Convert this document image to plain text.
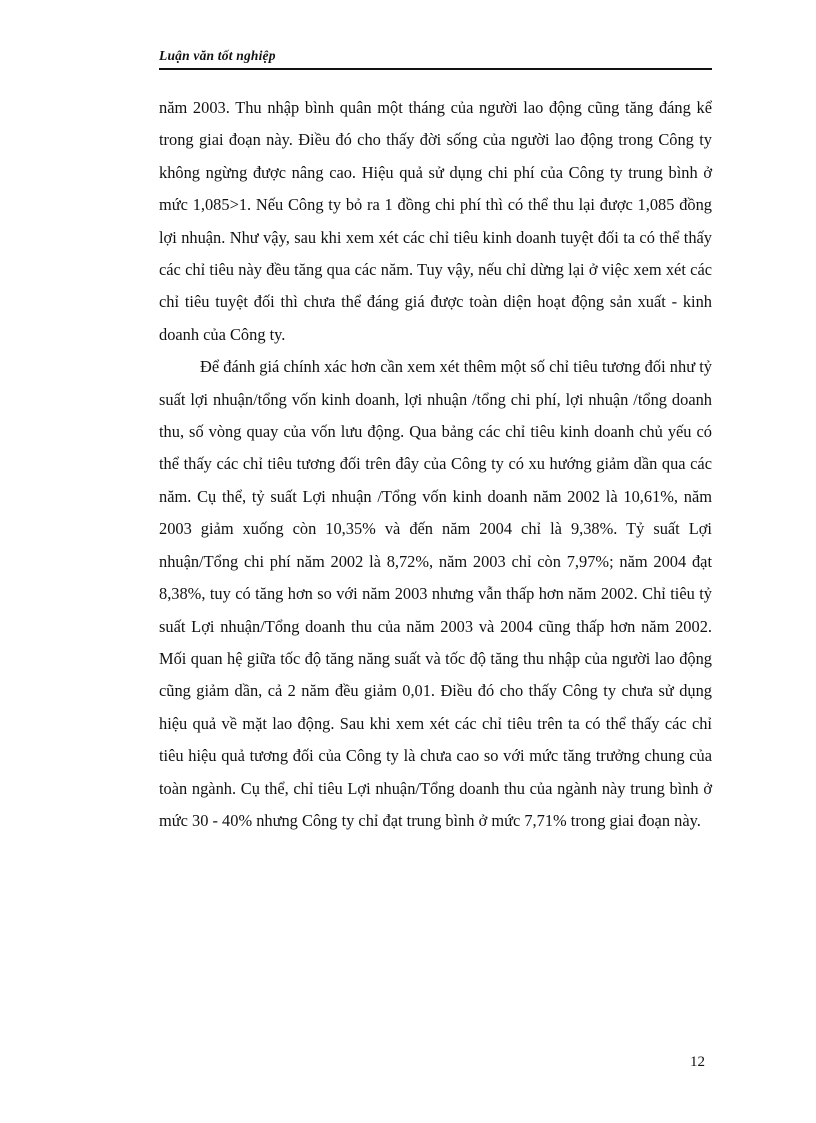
Luận văn tốt nghiệp

năm 2003. Thu nhập bình quân một tháng của người lao động cũng tăng đáng kể trong giai đoạn này. Điều đó cho thấy đời sống của người lao động trong Công ty không ngừng được nâng cao. Hiệu quả sử dụng chi phí của Công ty trung bình ở mức 1,085>1. Nếu Công ty bỏ ra 1 đồng chi phí thì có thể thu lại được 1,085 đồng lợi nhuận. Như vậy, sau khi xem xét các chỉ tiêu kinh doanh tuyệt đối ta có thể thấy các chỉ tiêu này đều tăng qua các năm. Tuy vậy, nếu chỉ dừng lại ở việc xem xét các chỉ tiêu tuyệt đối thì chưa thể đáng giá được toàn diện hoạt động sản xuất - kinh doanh của Công ty.

Để đánh giá chính xác hơn cần xem xét thêm một số chỉ tiêu tương đối như tỷ suất lợi nhuận/tổng vốn kinh doanh, lợi nhuận /tổng chi phí, lợi nhuận /tổng doanh thu, số vòng quay của vốn lưu động. Qua bảng các chỉ tiêu kinh doanh chủ yếu có thể thấy các chỉ tiêu tương đối trên đây của Công ty có xu hướng giảm dần qua các năm. Cụ thể, tỷ suất Lợi nhuận /Tổng vốn kinh doanh năm 2002 là 10,61%, năm 2003 giảm xuống còn 10,35% và đến năm 2004 chỉ là 9,38%. Tỷ suất Lợi nhuận/Tổng chi phí năm 2002 là 8,72%, năm 2003 chỉ còn 7,97%; năm 2004 đạt 8,38%, tuy có tăng hơn so với năm 2003 nhưng vẫn thấp hơn năm 2002. Chỉ tiêu tỷ suất Lợi nhuận/Tổng doanh thu của năm 2003 và 2004 cũng thấp hơn năm 2002. Mối quan hệ giữa tốc độ tăng năng suất và tốc độ tăng thu nhập của người lao động cũng giảm dần, cả 2 năm đều giảm 0,01. Điều đó cho thấy Công ty chưa sử dụng hiệu quả về mặt lao động. Sau khi xem xét các chỉ tiêu trên ta có thể thấy các chỉ tiêu hiệu quả tương đối của Công ty là chưa cao so với mức tăng trưởng chung của toàn ngành. Cụ thể, chỉ tiêu Lợi nhuận/Tổng doanh thu của ngành này trung bình ở mức 30 - 40% nhưng Công ty chỉ đạt trung bình ở mức 7,71% trong giai đoạn này.

12
